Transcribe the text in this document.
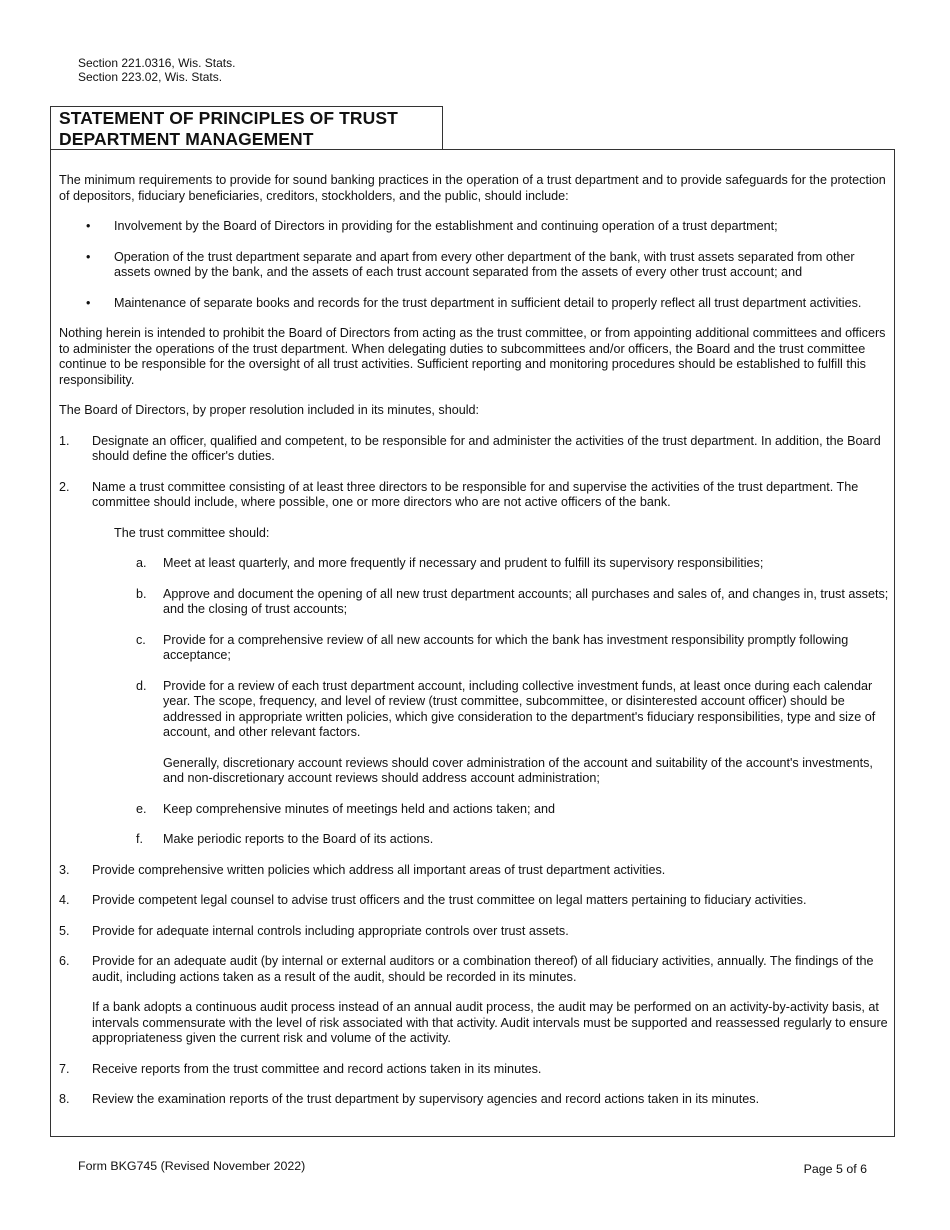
Section 221.0316, Wis. Stats.
Section 223.02, Wis. Stats.
STATEMENT OF PRINCIPLES OF TRUST DEPARTMENT MANAGEMENT

The minimum requirements to provide for sound banking practices in the operation of a trust department and to provide safeguards for the protection of depositors, fiduciary beneficiaries, creditors, stockholders, and the public, should include:

• Involvement by the Board of Directors in providing for the establishment and continuing operation of a trust department;
• Operation of the trust department separate and apart from every other department of the bank, with trust assets separated from other assets owned by the bank, and the assets of each trust account separated from the assets of every other trust account; and
• Maintenance of separate books and records for the trust department in sufficient detail to properly reflect all trust department activities.

Nothing herein is intended to prohibit the Board of Directors from acting as the trust committee, or from appointing additional committees and officers to administer the operations of the trust department. When delegating duties to subcommittees and/or officers, the Board and the trust committee continue to be responsible for the oversight of all trust activities. Sufficient reporting and monitoring procedures should be established to fulfill this responsibility.

The Board of Directors, by proper resolution included in its minutes, should:

1. Designate an officer, qualified and competent, to be responsible for and administer the activities of the trust department. In addition, the Board should define the officer's duties.
2. Name a trust committee consisting of at least three directors to be responsible for and supervise the activities of the trust department. The committee should include, where possible, one or more directors who are not active officers of the bank.

The trust committee should:

a. Meet at least quarterly, and more frequently if necessary and prudent to fulfill its supervisory responsibilities;
b. Approve and document the opening of all new trust department accounts; all purchases and sales of, and changes in, trust assets; and the closing of trust accounts;
c. Provide for a comprehensive review of all new accounts for which the bank has investment responsibility promptly following acceptance;
d. Provide for a review of each trust department account, including collective investment funds, at least once during each calendar year. The scope, frequency, and level of review (trust committee, subcommittee, or disinterested account officer) should be addressed in appropriate written policies, which give consideration to the department's fiduciary responsibilities, type and size of account, and other relevant factors.

Generally, discretionary account reviews should cover administration of the account and suitability of the account's investments, and non-discretionary account reviews should address account administration;

e. Keep comprehensive minutes of meetings held and actions taken; and
f. Make periodic reports to the Board of its actions.
3. Provide comprehensive written policies which address all important areas of trust department activities.
4. Provide competent legal counsel to advise trust officers and the trust committee on legal matters pertaining to fiduciary activities.
5. Provide for adequate internal controls including appropriate controls over trust assets.
6. Provide for an adequate audit (by internal or external auditors or a combination thereof) of all fiduciary activities, annually. The findings of the audit, including actions taken as a result of the audit, should be recorded in its minutes.

If a bank adopts a continuous audit process instead of an annual audit process, the audit may be performed on an activity-by-activity basis, at intervals commensurate with the level of risk associated with that activity. Audit intervals must be supported and reassessed regularly to ensure appropriateness given the current risk and volume of the activity.

7. Receive reports from the trust committee and record actions taken in its minutes.
8. Review the examination reports of the trust department by supervisory agencies and record actions taken in its minutes.
Form BKG745 (Revised November 2022)	Page 5 of 6
